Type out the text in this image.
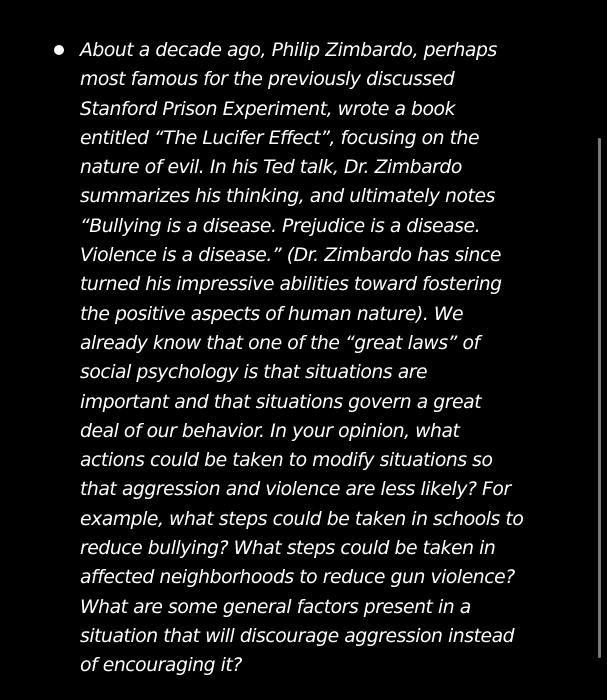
About a decade ago, Philip Zimbardo, perhaps
most famous for the previously discussed
Stanford Prison Experiment, wrote a book
entitled “The Lucifer Effect”, focusing on the
nature of evil. In his Ted talk, Dr. Zimbardo
summarizes his thinking, and ultimately notes
“Bullying is a disease. Prejudice is a disease.
Violence is a disease.” (Dr. Zimbardo has since
turned his impressive abilities toward fostering
the positive aspects of human nature). We
already know that one of the “great laws” of
social psychology is that situations are
important and that situations govern a great
deal of our behavior. In your opinion, what
actions could be taken to modify situations so
that aggression and violence are less likely? For
example, what steps could be taken in schools to
reduce bullying? What steps could be taken in
affected neighborhoods to reduce gun violence?
What are some general factors present in a
situation that will discourage aggression instead
of encouraging it?
